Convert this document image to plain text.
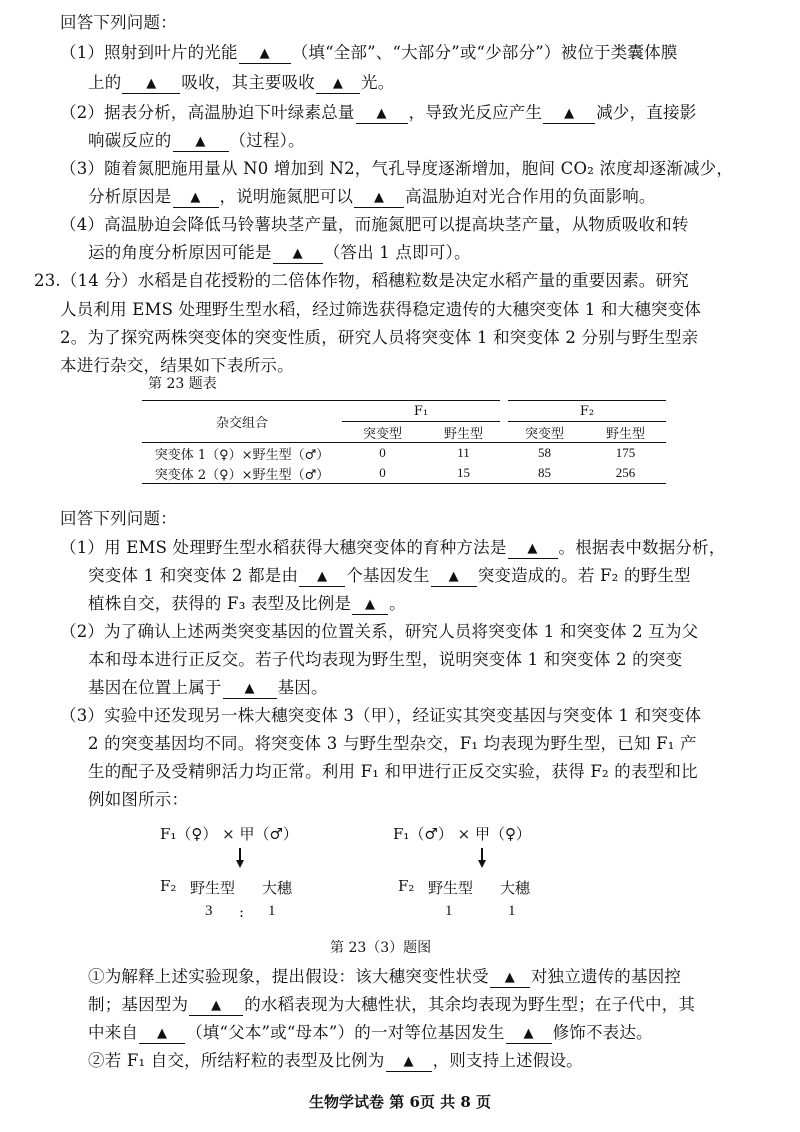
回答下列问题：
（1）照射到叶片的光能 ▲ （填“全部”、“大部分”或“少部分”）被位于类囊体膜
上的 ▲ 吸收，其主要吸收 ▲ 光。
（2）据表分析，高温胁迫下叶绿素总量 ▲ ，导致光反应产生 ▲ 减少，直接影
响碳反应的 ▲ （过程）。
（3）随着氮肥施用量从 N0 增加到 N2，气孔导度逐渐增加，胞间 CO₂ 浓度却逐渐减少，
分析原因是 ▲ ，说明施氮肥可以 ▲ 高温胁迫对光合作用的负面影响。
（4）高温胁迫会降低马铃薯块茎产量，而施氮肥可以提高块茎产量，从物质吸收和转
运的角度分析原因可能是 ▲ （答出 1 点即可）。
23.（14 分）水稻是自花授粉的二倍体作物，稻穗粒数是决定水稻产量的重要因素。研究
人员利用 EMS 处理野生型水稻，经过筛选获得稳定遗传的大穗突变体 1 和大穗突变体
2。为了探究两株突变体的突变性质，研究人员将突变体 1 和突变体 2 分别与野生型亲
本进行杂交，结果如下表所示。
第 23 题表
杂交组合	F₁		F₂	
	突变型	野生型	突变型	野生型
突变体 1（♀）×野生型（♂）	0	11	58	175
突变体 2（♀）×野生型（♂）	0	15	85	256
回答下列问题：
（1）用 EMS 处理野生型水稻获得大穗突变体的育种方法是 ▲ 。根据表中数据分析，
突变体 1 和突变体 2 都是由 ▲ 个基因发生 ▲ 突变造成的。若 F₂ 的野生型
植株自交，获得的 F₃ 表型及比例是 ▲ 。
（2）为了确认上述两类突变基因的位置关系，研究人员将突变体 1 和突变体 2 互为父
本和母本进行正反交。若子代均表现为野生型，说明突变体 1 和突变体 2 的突变
基因在位置上属于 ▲ 基因。
（3）实验中还发现另一株大穗突变体 3（甲），经证实其突变基因与突变体 1 和突变体
2 的突变基因均不同。将突变体 3 与野生型杂交，F₁ 均表现为野生型，已知 F₁ 产
生的配子及受精卵活力均正常。利用 F₁ 和甲进行正反交实验，获得 F₂ 的表型和比
例如图所示：
F₁（♀） × 甲（♂）
F₂ 野生型 大穗
3 : 1
F₁（♂） × 甲（♀）
F₂ 野生型 大穗
1	1
第 23（3）题图
①为解释上述实验现象，提出假设：该大穗突变性状受 ▲ 对独立遗传的基因控
制；基因型为 ▲ 的水稻表现为大穗性状，其余均表现为野生型；在子代中，其
中来自 ▲ （填“父本”或“母本”）的一对等位基因发生 ▲ 修饰不表达。
②若 F₁ 自交，所结籽粒的表型及比例为 ▲ ，则支持上述假设。
生物学试卷 第 6页 共 8 页
